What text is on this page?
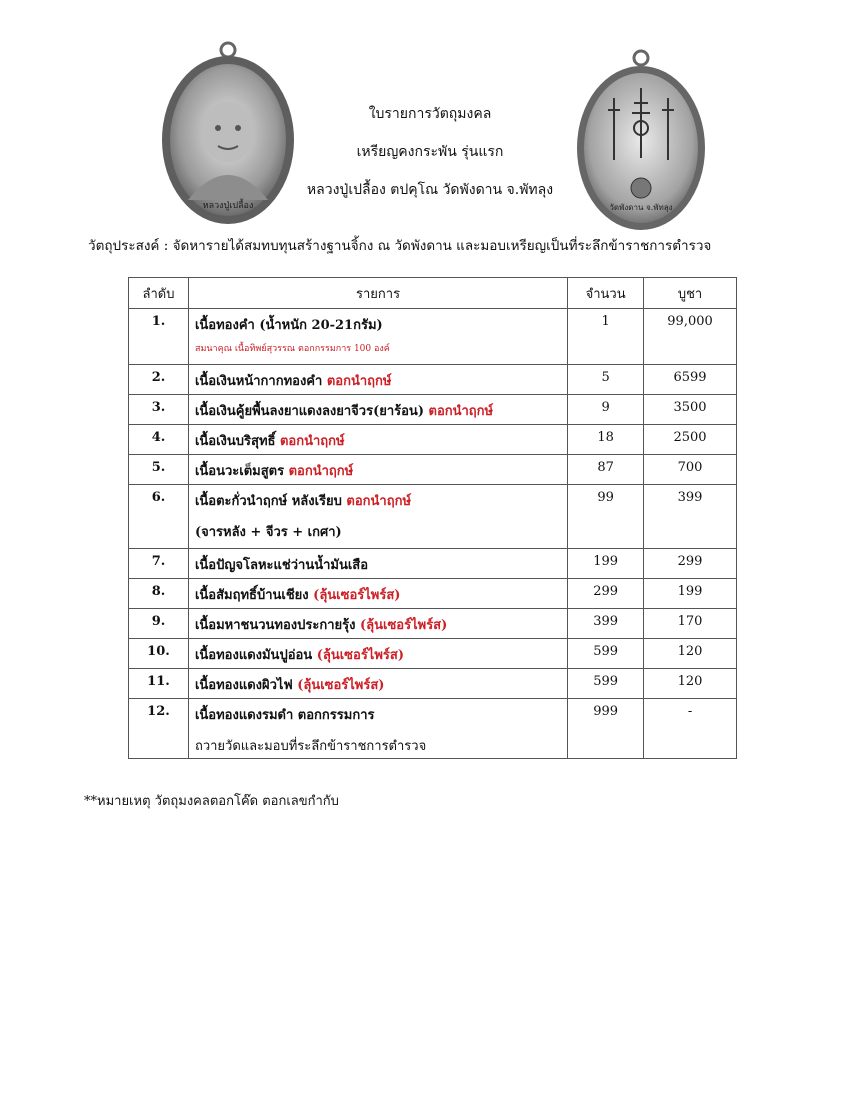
หลวงปู่เปลื้อง
ใบรายการวัตถุมงคล
เหรียญคงกระพัน รุ่นแรก
หลวงปู่เปลื้อง ตปคุโณ วัดพังดาน จ.พัทลุง
วัดพังดาน จ.พัทลุง
วัตถุประสงค์ : จัดหารายได้สมทบทุนสร้างฐานจิ้กง ณ วัดพังดาน และมอบเหรียญเป็นที่ระลึกข้าราชการตำรวจ
ลำดับ	รายการ	จำนวน	บูชา
1.	เนื้อทองคำ (น้ำหนัก 20-21กรัม)
สมนาคุณ เนื้อทิพย์สุวรรณ ตอกกรรมการ 100 องค์	1	99,000
2.	เนื้อเงินหน้ากากทองคำ ตอกนำฤกษ์	5	6599
3.	เนื้อเงินคู้ยพื้นลงยาแดงลงยาจีวร(ยาร้อน) ตอกนำฤกษ์	9	3500
4.	เนื้อเงินบริสุทธิ์ ตอกนำฤกษ์	18	2500
5.	เนื้อนวะเต็มสูตร ตอกนำฤกษ์	87	700
6.	เนื้อตะกั่วนำฤกษ์ หลังเรียบ ตอกนำฤกษ์
(จารหลัง + จีวร + เกศา)	99	399
7.	เนื้อปัญจโลหะแช่ว่านน้ำมันเสือ	199	299
8.	เนื้อสัมฤทธิ์บ้านเชียง (ลุ้นเซอร์ไพร์ส)	299	199
9.	เนื้อมหาชนวนทองประกายรุ้ง (ลุ้นเซอร์ไพร์ส)	399	170
10.	เนื้อทองแดงมันปูอ่อน (ลุ้นเซอร์ไพร์ส)	599	120
11.	เนื้อทองแดงผิวไฟ (ลุ้นเซอร์ไพร์ส)	599	120
12.	เนื้อทองแดงรมดำ ตอกกรรมการ
ถวายวัดและมอบที่ระลึกข้าราชการตำรวจ	999	-
**หมายเหตุ วัตถุมงคลตอกโค๊ด ตอกเลขกำกับ
